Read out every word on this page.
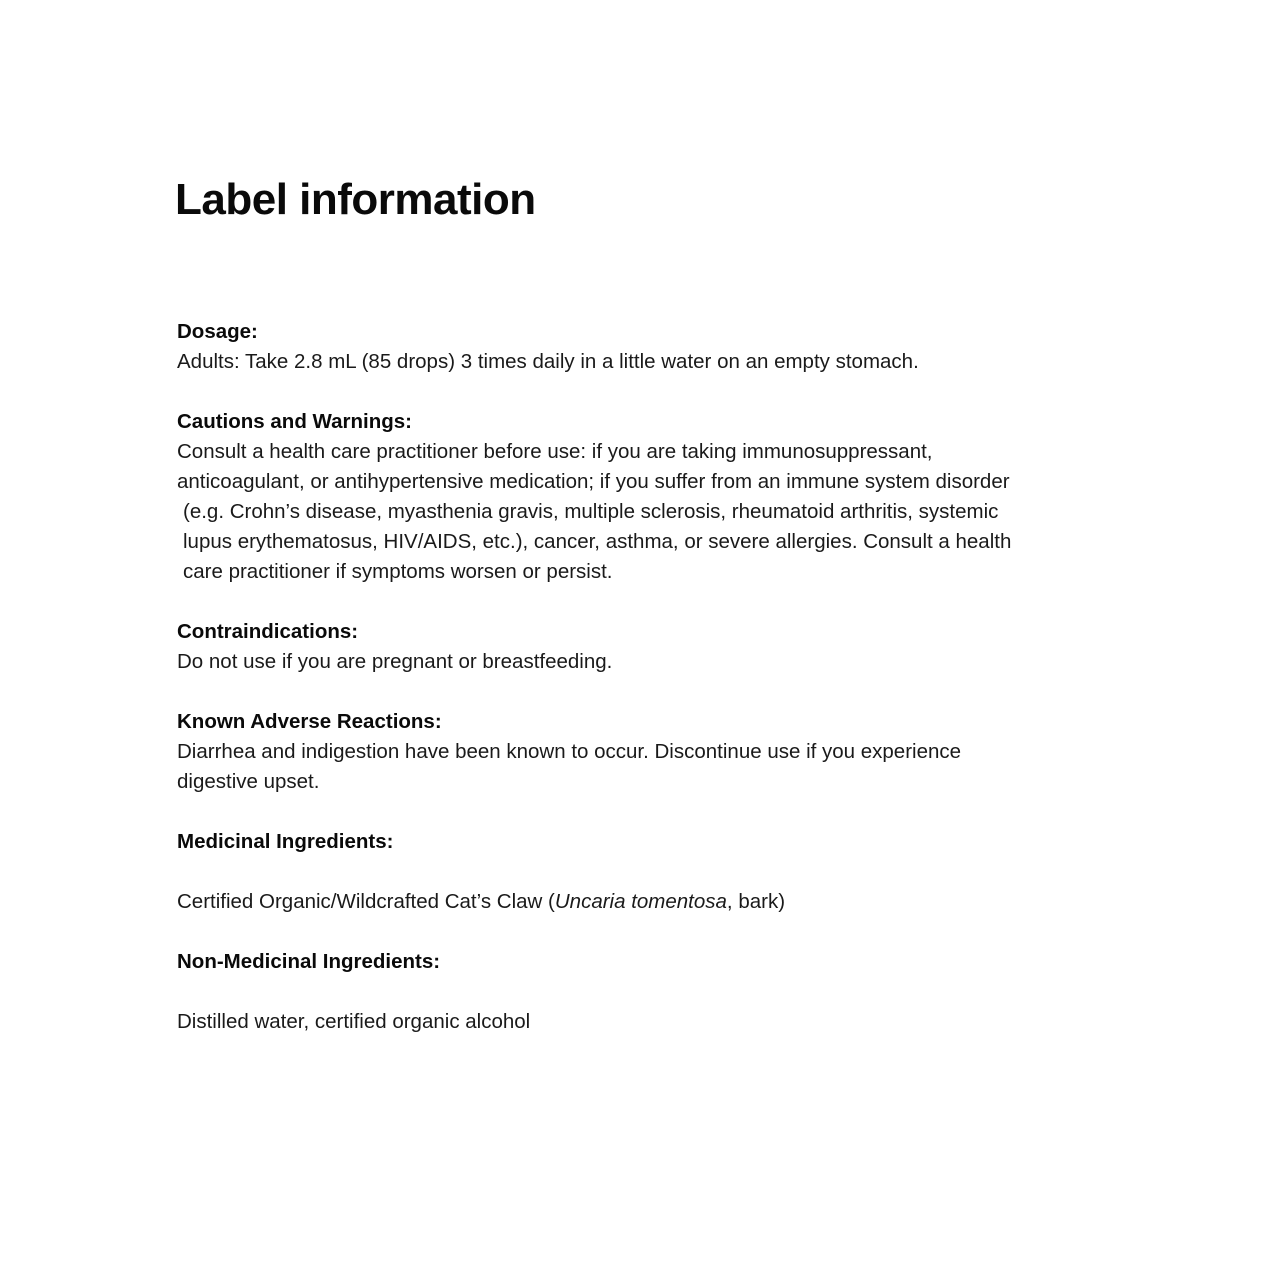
Label information
Dosage:
Adults: Take 2.8 mL (85 drops) 3 times daily in a little water on an empty stomach.
Cautions and Warnings:
Consult a health care practitioner before use: if you are taking immunosuppressant,
anticoagulant, or antihypertensive medication; if you suffer from an immune system disorder
(e.g. Crohn’s disease, myasthenia gravis, multiple sclerosis, rheumatoid arthritis, systemic
lupus erythematosus, HIV/AIDS, etc.), cancer, asthma, or severe allergies. Consult a health
care practitioner if symptoms worsen or persist.
Contraindications:
Do not use if you are pregnant or breastfeeding.
Known Adverse Reactions:
Diarrhea and indigestion have been known to occur. Discontinue use if you experience
digestive upset.
Medicinal Ingredients:
Certified Organic/Wildcrafted Cat’s Claw (Uncaria tomentosa, bark)
Non-Medicinal Ingredients:
Distilled water, certified organic alcohol
